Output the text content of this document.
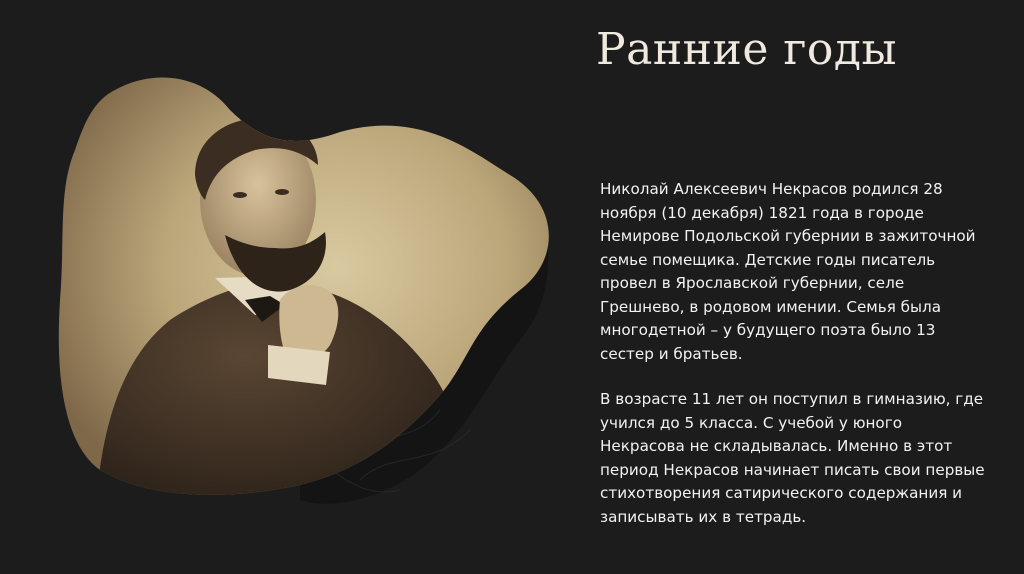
Ранние годы

Николай Алексеевич Некрасов родился 28 ноября (10 декабря) 1821 года в городе Немирове Подольской губернии в зажиточной семье помещика. Детские годы писатель провел в Ярославской губернии, селе Грешнево, в родовом имении. Семья была многодетной – у будущего поэта было 13 сестер и братьев.

В возрасте 11 лет он поступил в гимназию, где учился до 5 класса. С учебой у юного Некрасова не складывалась. Именно в этот период Некрасов начинает писать свои первые стихотворения сатирического содержания и записывать их в тетрадь.
